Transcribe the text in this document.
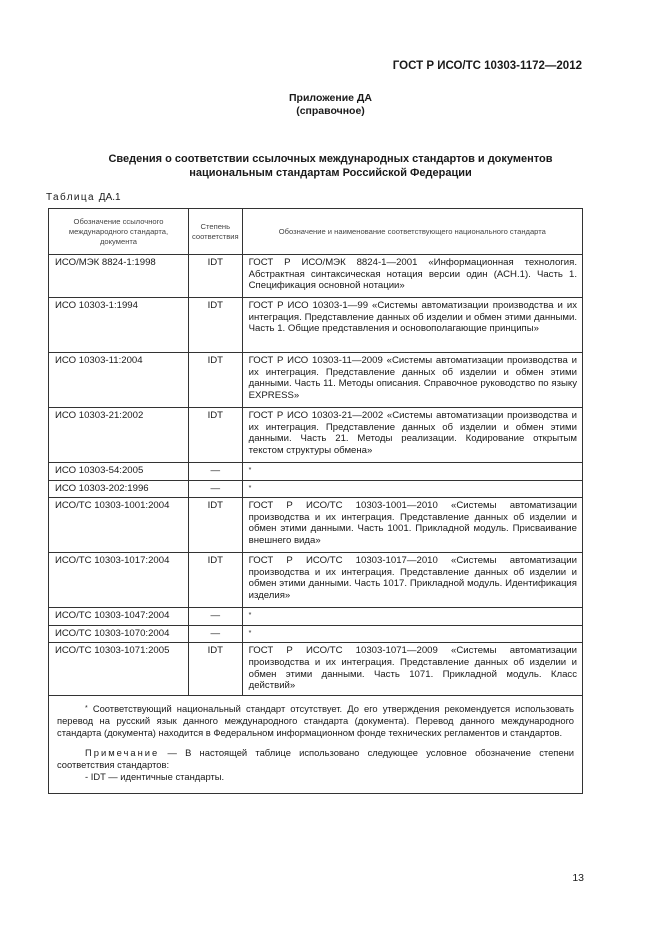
ГОСТ Р ИСО/ТС 10303-1172—2012
Приложение ДА
(справочное)
Сведения о соответствии ссылочных международных стандартов и документов
национальным стандартам Российской Федерации
Таблица ДА.1
Обозначение ссылочного международного стандарта, документа	Степень соответствия	Обозначение и наименование соответствующего национального стандарта
ИСО/МЭК 8824-1:1998	IDT	ГОСТ Р ИСО/МЭК 8824-1—2001 «Информационная технология. Абстрактная синтаксическая нотация версии один (АСН.1). Часть 1. Спецификация основной нотации»
ИСО 10303-1:1994	IDT	ГОСТ Р ИСО 10303-1—99 «Системы автоматизации производства и их интеграция. Представление данных об изделии и обмен этими данными. Часть 1. Общие представления и основополагающие принципы»
ИСО 10303-11:2004	IDT	ГОСТ Р ИСО 10303-11—2009 «Системы автоматизации производства и их интеграция. Представление данных об изделии и обмен этими данными. Часть 11. Методы описания. Справочное руководство по языку EXPRESS»
ИСО 10303-21:2002	IDT	ГОСТ Р ИСО 10303-21—2002 «Системы автоматизации производства и их интеграция. Представление данных об изделии и обмен этими данными. Часть 21. Методы реализации. Кодирование открытым текстом структуры обмена»
ИСО 10303-54:2005	—	*
ИСО 10303-202:1996	—	*
ИСО/ТС 10303-1001:2004	IDT	ГОСТ Р ИСО/ТС 10303-1001—2010 «Системы автоматизации производства и их интеграция. Представление данных об изделии и обмен этими данными. Часть 1001. Прикладной модуль. Присваивание внешнего вида»
ИСО/ТС 10303-1017:2004	IDT	ГОСТ Р ИСО/ТС 10303-1017—2010 «Системы автоматизации производства и их интеграция. Представление данных об изделии и обмен этими данными. Часть 1017. Прикладной модуль. Идентификация изделия»
ИСО/ТС 10303-1047:2004	—	*
ИСО/ТС 10303-1070:2004	—	*
ИСО/ТС 10303-1071:2005	IDT	ГОСТ Р ИСО/ТС 10303-1071—2009 «Системы автоматизации производства и их интеграция. Представление данных об изделии и обмен этими данными. Часть 1071. Прикладной модуль. Класс действий»

* Соответствующий национальный стандарт отсутствует. До его утверждения рекомендуется использовать перевод на русский язык данного международного стандарта (документа). Перевод данного международного стандарта (документа) находится в Федеральном информационном фонде технических регламентов и стандартов.
Примечание — В настоящей таблице использовано следующее условное обозначение степени соответствия стандартов:
- IDT — идентичные стандарты.		
13
